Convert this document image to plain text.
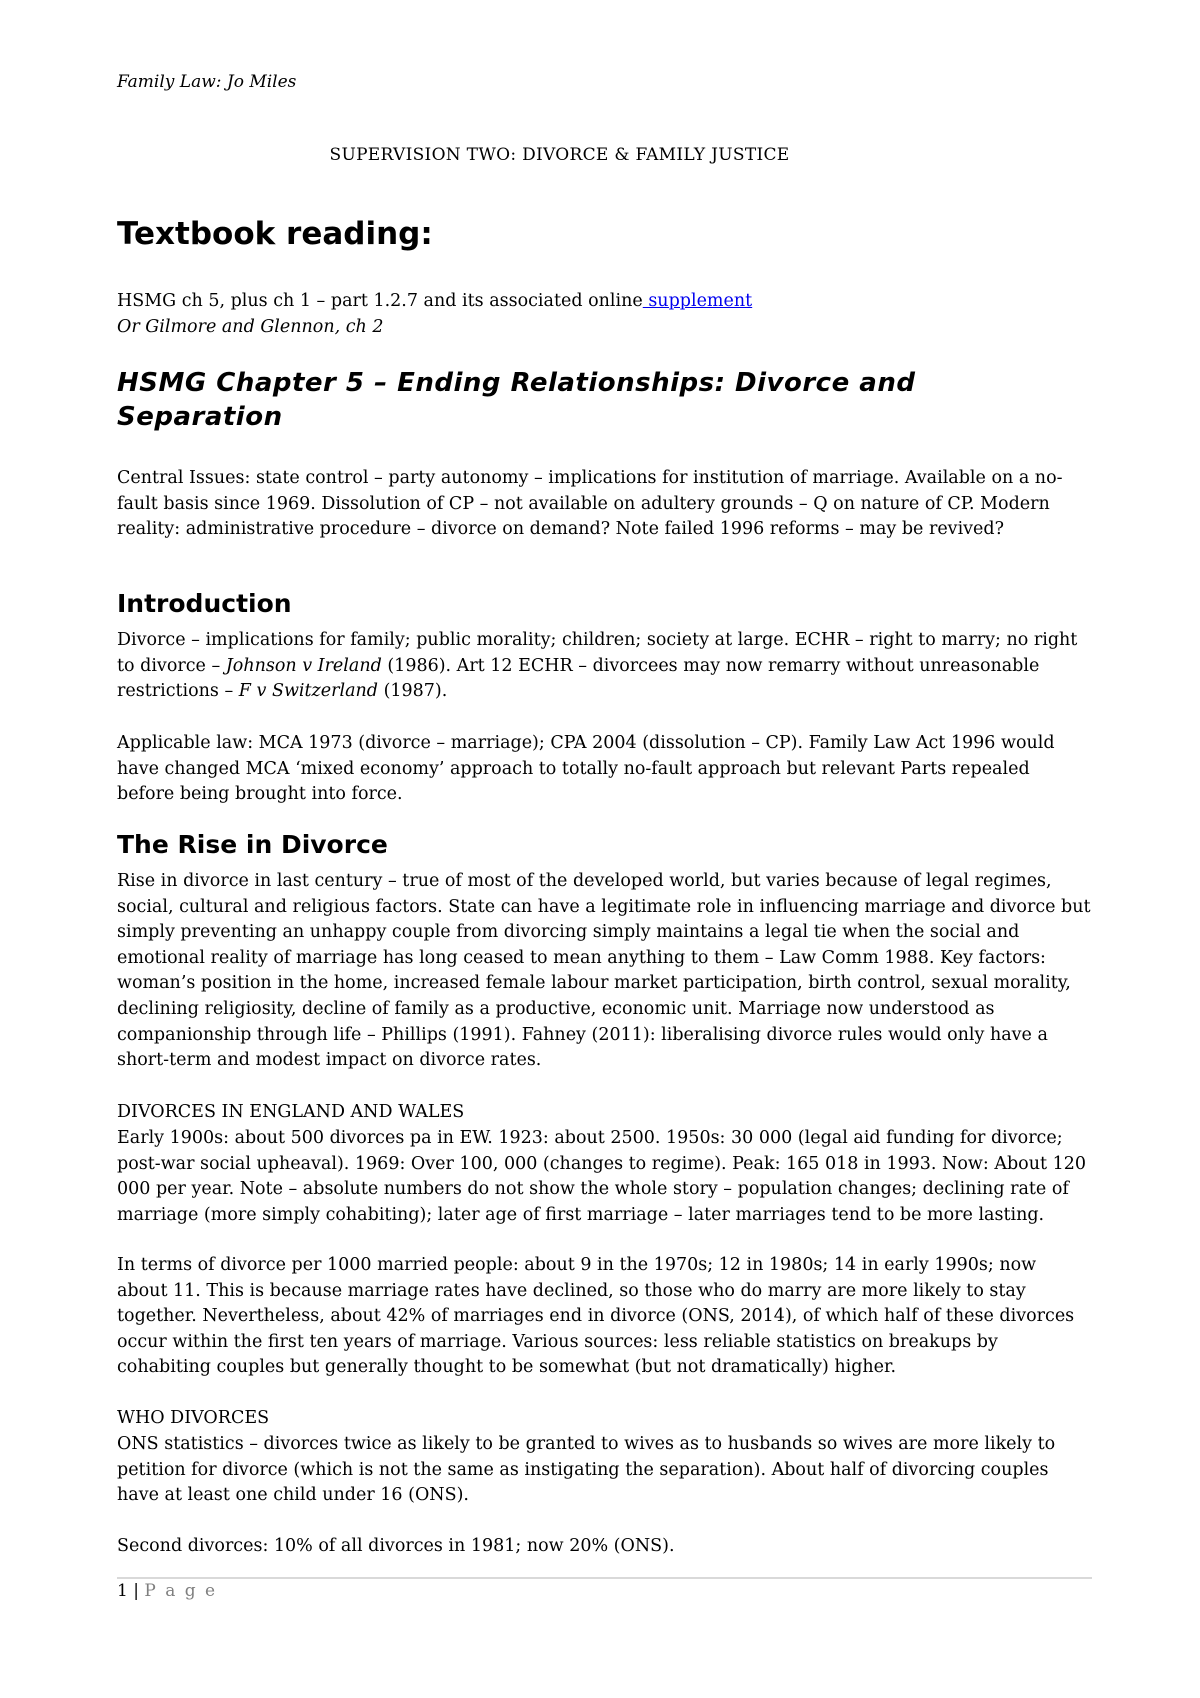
Family Law: Jo Miles
SUPERVISION TWO: DIVORCE & FAMILY JUSTICE
Textbook reading:
HSMG ch 5, plus ch 1 – part 1.2.7 and its associated online supplement
Or Gilmore and Glennon, ch 2
HSMG Chapter 5 – Ending Relationships: Divorce and Separation
Central Issues: state control – party autonomy – implications for institution of marriage. Available on a no-fault basis since 1969. Dissolution of CP – not available on adultery grounds – Q on nature of CP. Modern reality: administrative procedure – divorce on demand? Note failed 1996 reforms – may be revived?
Introduction
Divorce – implications for family; public morality; children; society at large. ECHR – right to marry; no right to divorce – Johnson v Ireland (1986). Art 12 ECHR – divorcees may now remarry without unreasonable restrictions – F v Switzerland (1987).
Applicable law: MCA 1973 (divorce – marriage); CPA 2004 (dissolution – CP). Family Law Act 1996 would have changed MCA ‘mixed economy’ approach to totally no-fault approach but relevant Parts repealed before being brought into force.
The Rise in Divorce
Rise in divorce in last century – true of most of the developed world, but varies because of legal regimes, social, cultural and religious factors. State can have a legitimate role in influencing marriage and divorce but simply preventing an unhappy couple from divorcing simply maintains a legal tie when the social and emotional reality of marriage has long ceased to mean anything to them – Law Comm 1988. Key factors: woman’s position in the home, increased female labour market participation, birth control, sexual morality, declining religiosity, decline of family as a productive, economic unit. Marriage now understood as companionship through life – Phillips (1991). Fahney (2011): liberalising divorce rules would only have a short-term and modest impact on divorce rates.
DIVORCES IN ENGLAND AND WALES
Early 1900s: about 500 divorces pa in EW. 1923: about 2500. 1950s: 30 000 (legal aid funding for divorce; post-war social upheaval). 1969: Over 100, 000 (changes to regime). Peak: 165 018 in 1993. Now: About 120 000 per year. Note – absolute numbers do not show the whole story – population changes; declining rate of marriage (more simply cohabiting); later age of first marriage – later marriages tend to be more lasting.
In terms of divorce per 1000 married people: about 9 in the 1970s; 12 in 1980s; 14 in early 1990s; now about 11. This is because marriage rates have declined, so those who do marry are more likely to stay together. Nevertheless, about 42% of marriages end in divorce (ONS, 2014), of which half of these divorces occur within the first ten years of marriage. Various sources: less reliable statistics on breakups by cohabiting couples but generally thought to be somewhat (but not dramatically) higher.
WHO DIVORCES
ONS statistics – divorces twice as likely to be granted to wives as to husbands so wives are more likely to petition for divorce (which is not the same as instigating the separation). About half of divorcing couples have at least one child under 16 (ONS).
Second divorces: 10% of all divorces in 1981; now 20% (ONS).
1 | P a g e
